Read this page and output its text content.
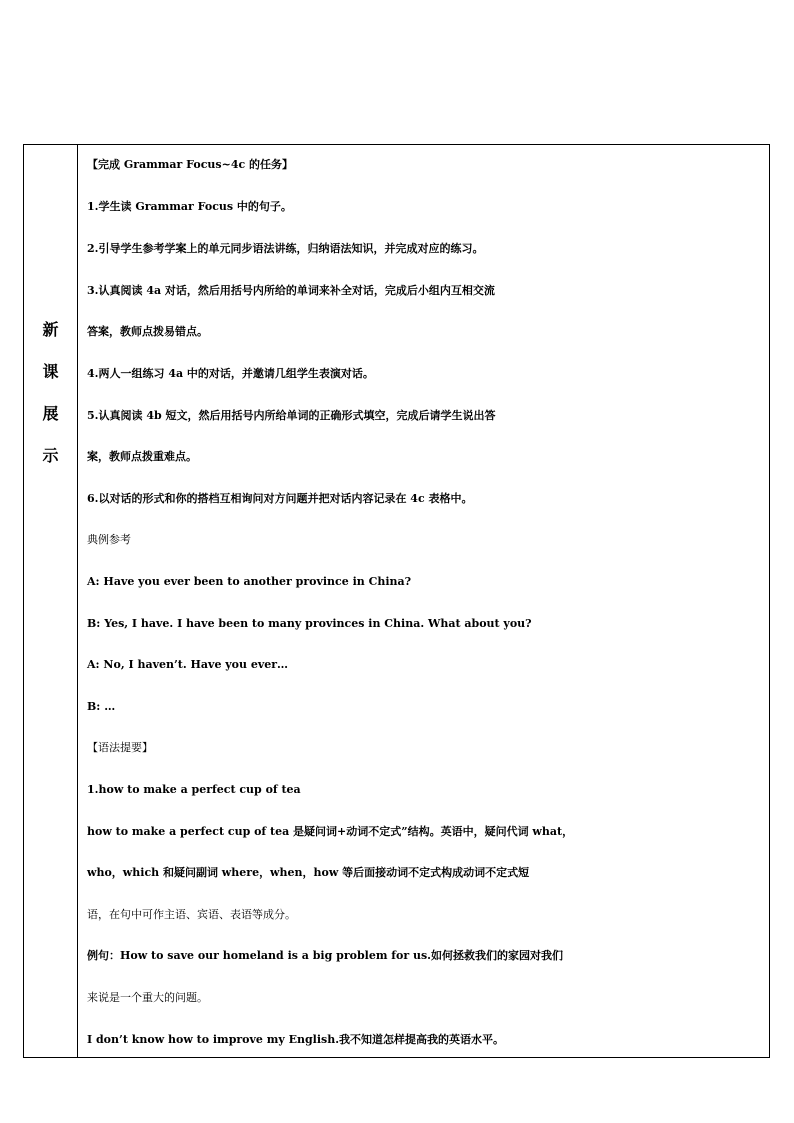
新
课
展
示
【完成 Grammar Focus~4c 的任务】
1.学生读 Grammar Focus 中的句子。
2.引导学生参考学案上的单元同步语法讲练，归纳语法知识，并完成对应的练习。
3.认真阅读 4a 对话，然后用括号内所给的单词来补全对话，完成后小组内互相交流
答案，教师点拨易错点。
4.两人一组练习 4a 中的对话，并邀请几组学生表演对话。
5.认真阅读 4b 短文，然后用括号内所给单词的正确形式填空，完成后请学生说出答
案，教师点拨重难点。
6.以对话的形式和你的搭档互相询问对方问题并把对话内容记录在 4c 表格中。
典例参考
A: Have you ever been to another province in China?
B: Yes, I have. I have been to many provinces in China. What about you?
A: No, I haven’t. Have you ever…
B: …
【语法提要】
1.how to make a perfect cup of tea
how to make a perfect cup of tea 是疑问词+动词不定式”结构。英语中，疑问代词 what，
who，which 和疑问副词 where，when，how 等后面接动词不定式构成动词不定式短
语，在句中可作主语、宾语、表语等成分。
例句：How to save our homeland is a big problem for us.如何拯救我们的家园对我们
来说是一个重大的问题。
I don’t know how to improve my English.我不知道怎样提高我的英语水平。
